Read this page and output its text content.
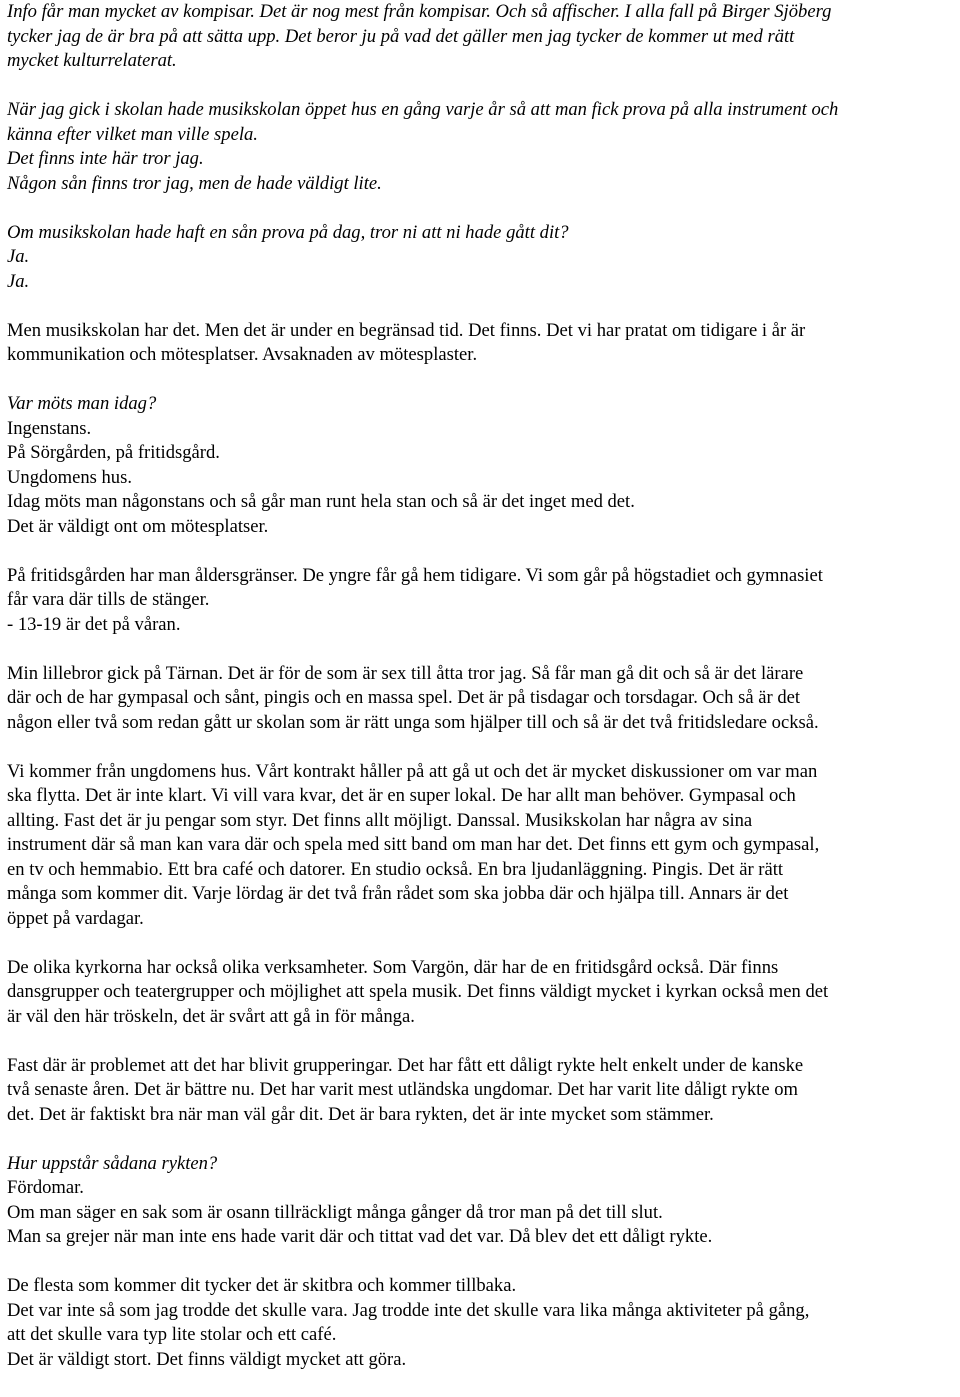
Info får man mycket av kompisar. Det är nog mest från kompisar. Och så affischer. I alla fall på Birger Sjöberg
tycker jag de är bra på att sätta upp. Det beror ju på vad det gäller men jag tycker de kommer ut med rätt
mycket kulturrelaterat.
När jag gick i skolan hade musikskolan öppet hus en gång varje år så att man fick prova på alla instrument och
känna efter vilket man ville spela.
Det finns inte här tror jag.
Någon sån finns tror jag, men de hade väldigt lite.
Om musikskolan hade haft en sån prova på dag, tror ni att ni hade gått dit?
Ja.
Ja.
Men musikskolan har det. Men det är under en begränsad tid. Det finns. Det vi har pratat om tidigare i år är
kommunikation och mötesplatser. Avsaknaden av mötesplaster.
Var möts man idag?
Ingenstans.
På Sörgården, på fritidsgård.
Ungdomens hus.
Idag möts man någonstans och så går man runt hela stan och så är det inget med det.
Det är väldigt ont om mötesplatser.
På fritidsgården har man åldersgränser. De yngre får gå hem tidigare. Vi som går på högstadiet och gymnasiet
får vara där tills de stänger.
- 13-19 är det på våran.
Min lillebror gick på Tärnan. Det är för de som är sex till åtta tror jag. Så får man gå dit och så är det lärare
där och de har gympasal och sånt, pingis och en massa spel. Det är på tisdagar och torsdagar. Och så är det
någon eller två som redan gått ur skolan som är rätt unga som hjälper till och så är det två fritidsledare också.
Vi kommer från ungdomens hus. Vårt kontrakt håller på att gå ut och det är mycket diskussioner om var man
ska flytta. Det är inte klart. Vi vill vara kvar, det är en super lokal. De har allt man behöver. Gympasal och
allting. Fast det är ju pengar som styr. Det finns allt möjligt. Danssal. Musikskolan har några av sina
instrument där så man kan vara där och spela med sitt band om man har det. Det finns ett gym och gympasal,
en tv och hemmabio. Ett bra café och datorer. En studio också. En bra ljudanläggning. Pingis. Det är rätt
många som kommer dit. Varje lördag är det två från rådet som ska jobba där och hjälpa till. Annars är det
öppet på vardagar.
De olika kyrkorna har också olika verksamheter. Som Vargön, där har de en fritidsgård också. Där finns
dansgrupper och teatergrupper och möjlighet att spela musik. Det finns väldigt mycket i kyrkan också men det
är väl den här tröskeln, det är svårt att gå in för många.
Fast där är problemet att det har blivit grupperingar. Det har fått ett dåligt rykte helt enkelt under de kanske
två senaste åren. Det är bättre nu. Det har varit mest utländska ungdomar. Det har varit lite dåligt rykte om
det. Det är faktiskt bra när man väl går dit. Det är bara rykten, det är inte mycket som stämmer.
Hur uppstår sådana rykten?
Fördomar.
Om man säger en sak som är osann tillräckligt många gånger då tror man på det till slut.
Man sa grejer när man inte ens hade varit där och tittat vad det var. Då blev det ett dåligt rykte.
De flesta som kommer dit tycker det är skitbra och kommer tillbaka.
Det var inte så som jag trodde det skulle vara. Jag trodde inte det skulle vara lika många aktiviteter på gång,
att det skulle vara typ lite stolar och ett café.
Det är väldigt stort. Det finns väldigt mycket att göra.
